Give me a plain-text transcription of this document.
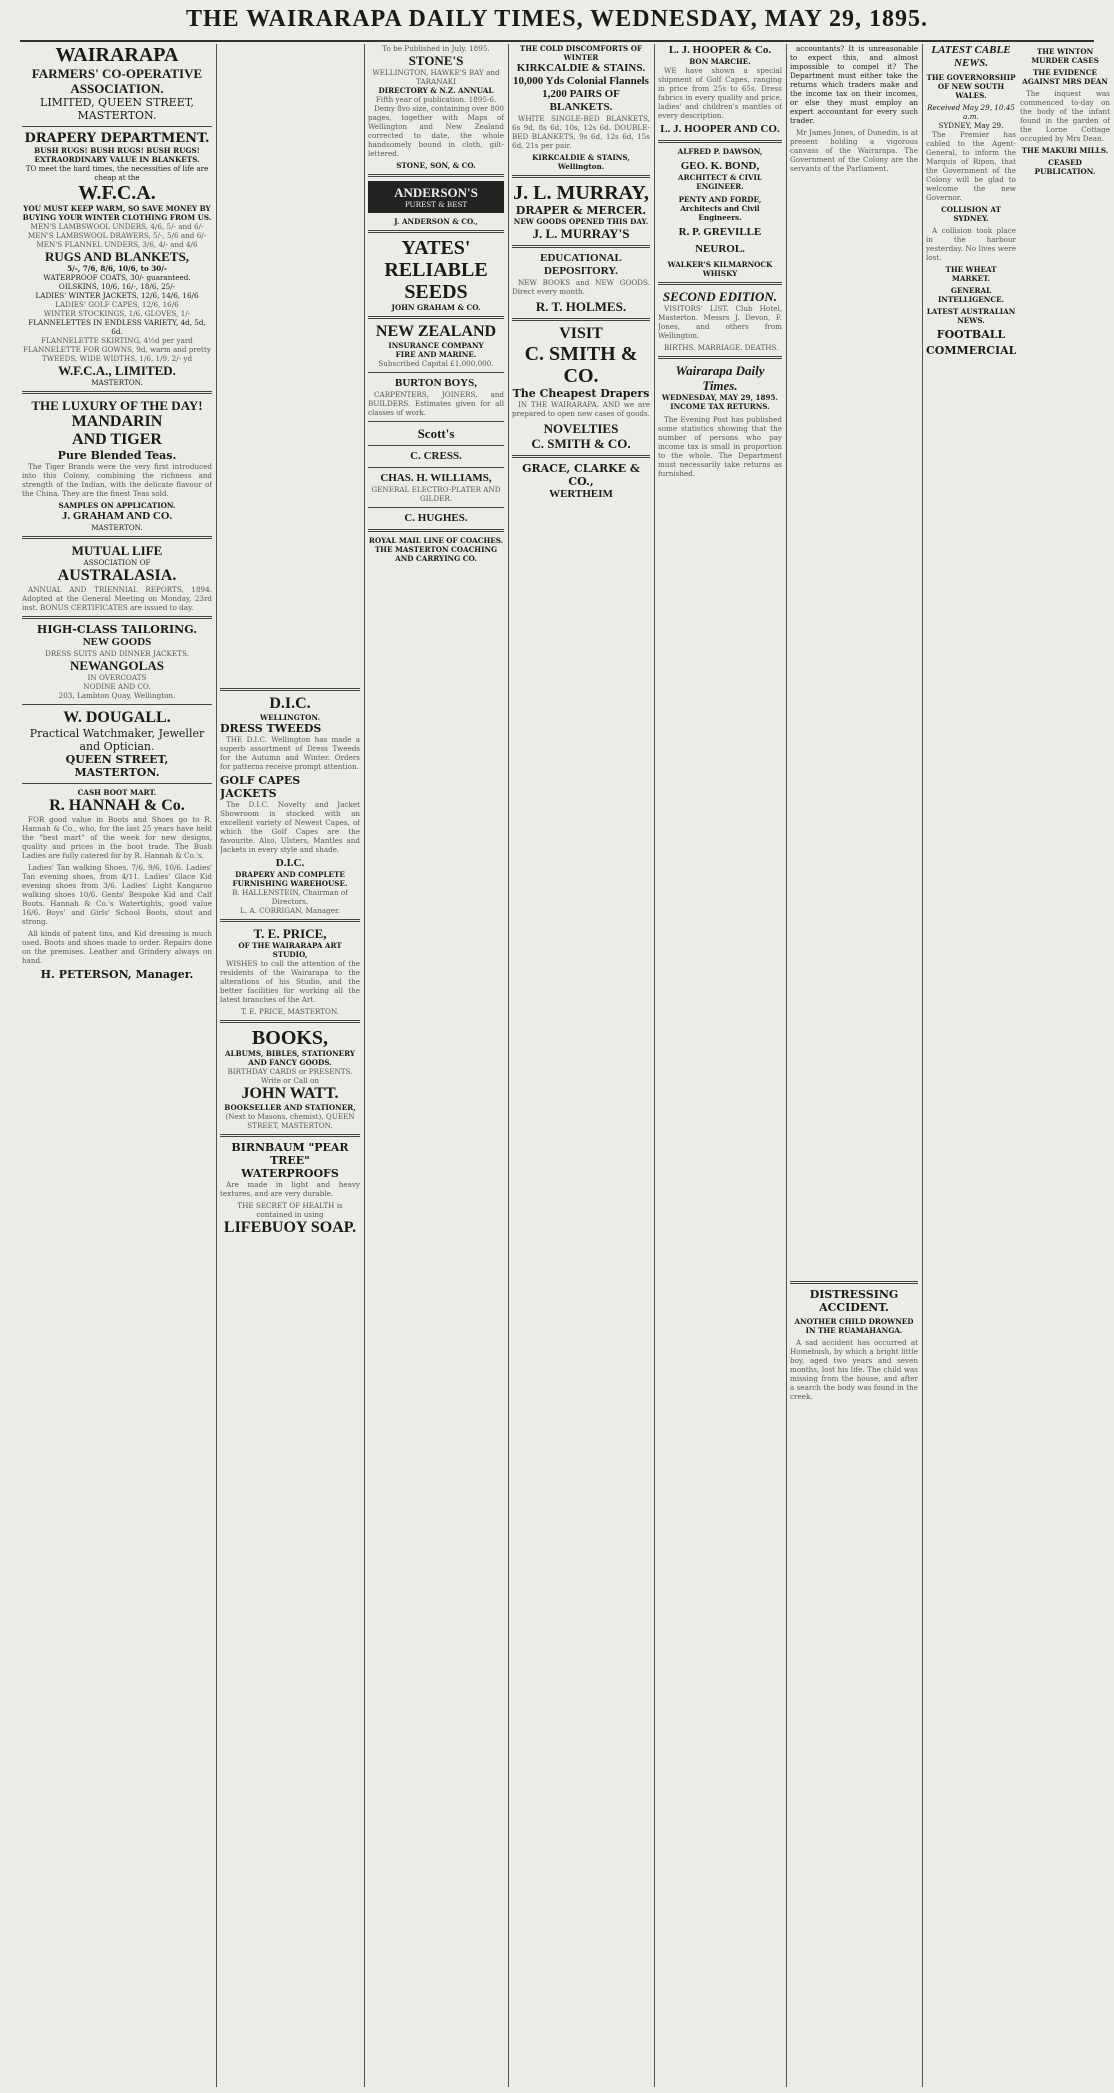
THE WAIRARAPA DAILY TIMES, WEDNESDAY, MAY 29, 1895.
WAIRARAPA
FARMERS' CO-OPERATIVE ASSOCIATION.
LIMITED, QUEEN STREET, MASTERTON.
DRAPERY DEPARTMENT.
BUSH RUGS! BUSH RUGS! BUSH RUGS!
EXTRAORDINARY VALUE IN BLANKETS.
TO meet the hard times, the necessities of life are cheap at the
W.F.C.A.
YOU MUST KEEP WARM, SO SAVE MONEY BY BUYING YOUR WINTER CLOTHING FROM US.
MEN'S LAMBSWOOL UNDERS, 4/6, 5/- and 6/-
MEN'S LAMBSWOOL DRAWERS, 5/-, 5/6 and 6/-
MEN'S FLANNEL UNDERS, 3/6, 4/- and 4/6
RUGS AND BLANKETS,
5/-, 7/6, 8/6, 10/6, to 30/-
WATERPROOF COATS, 30/- guaranteed.
OILSKINS, 10/6, 16/-, 18/6, 25/-
LADIES' WINTER JACKETS, 12/6, 14/6, 16/6
LADIES' GOLF CAPES, 12/6, 16/6
WINTER STOCKINGS, 1/6, GLOVES, 1/-
FLANNELETTES IN ENDLESS VARIETY, 4d, 5d, 6d.
FLANNELETTE SKIRTING, 4½d per yard
FLANNELETTE FOR GOWNS, 9d, warm and pretty
TWEEDS, WIDE WIDTHS, 1/6, 1/9, 2/- yd
W.F.C.A., LIMITED.
MASTERTON.
THE LUXURY OF THE DAY!
MANDARIN
AND TIGER
Pure Blended Teas.

The Tiger Brands were the very first introduced into this Colony, combining the richness and strength of the Indian, with the delicate flavour of the China. They are the finest Teas sold.

SAMPLES ON APPLICATION.
J. GRAHAM AND CO.
MASTERTON.
MUTUAL LIFE
ASSOCIATION OF
AUSTRALASIA.

ANNUAL AND TRIENNIAL REPORTS, 1894. Adopted at the General Meeting on Monday, 23rd inst. BONUS CERTIFICATES are issued to day.

HIGH-CLASS TAILORING.
NEW GOODS
DRESS SUITS AND DINNER JACKETS.
NEWANGOLAS
IN OVERCOATS
NODINE AND CO.
203, Lambton Quay, Wellington.
W. DOUGALL.
Practical Watchmaker, Jeweller and Optician.
QUEEN STREET, MASTERTON.
CASH BOOT MART.
R. HANNAH & Co.

FOR good value in Boots and Shoes go to R. Hannah & Co., who, for the last 25 years have held the "best mart" of the week for new designs, quality and prices in the boot trade. The Bush Ladies are fully catered for by R. Hannah & Co.'s.

Ladies' Tan walking Shoes, 7/6, 9/6, 10/6. Ladies' Tan evening shoes, from 4/11. Ladies' Glace Kid evening shoes from 3/6. Ladies' Light Kangaroo walking shoes 10/6. Gents' Bespoke Kid and Calf Boots. Hannah & Co.'s Watertights, good value 16/6. Boys' and Girls' School Boots, stout and strong.

All kinds of patent tins, and Kid dressing is much used. Boots and shoes made to order. Repairs done on the premises. Leather and Grindery always on hand.

H. PETERSON, Manager.

D.I.C.
WELLINGTON.
DRESS TWEEDS

THE D.I.C. Wellington has made a superb assortment of Dress Tweeds for the Autumn and Winter. Orders for patterns receive prompt attention.

GOLF CAPES JACKETS

The D.I.C. Novelty and Jacket Showroom is stocked with an excellent variety of Newest Capes, of which the Golf Capes are the favourite. Also, Ulsters, Mantles and Jackets in every style and shade.

D.I.C.
DRAPERY AND COMPLETE FURNISHING WAREHOUSE.
B. HALLENSTEIN, Chairman of Directors.
L. A. CORRIGAN, Manager.
T. E. PRICE,
OF THE WAIRARAPA ART STUDIO,

WISHES to call the attention of the residents of the Wairarapa to the alterations of his Studio, and the better facilities for working all the latest branches of the Art.

T. E. PRICE, MASTERTON.
BOOKS,
ALBUMS, BIBLES, STATIONERY AND FANCY GOODS.
BIRTHDAY CARDS or PRESENTS. Write or Call on
JOHN WATT.
BOOKSELLER AND STATIONER,
(Next to Masons, chemist), QUEEN STREET, MASTERTON.
BIRNBAUM "PEAR TREE" WATERPROOFS

Are made in light and heavy textures, and are very durable.

THE SECRET OF HEALTH is contained in using
LIFEBUOY SOAP.
To be Published in July. 1895.
STONE'S
WELLINGTON, HAWKE'S BAY and TARANAKI
DIRECTORY & N.Z. ANNUAL
Fifth year of publication. 1895-6.

Demy 8vo size, containing over 800 pages, together with Maps of Wellington and New Zealand corrected to date, the whole handsomely bound in cloth, gilt-lettered.

STONE, SON, & CO.
ANDERSON'S
PUREST & BEST
J. ANDERSON & CO.,
YATES' RELIABLE SEEDS
JOHN GRAHAM & CO.
NEW ZEALAND
INSURANCE COMPANY
FIRE AND MARINE.
Subscribed Capital £1,000,000.
BURTON BOYS,

CARPENTERS, JOINERS, and BUILDERS. Estimates given for all classes of work.

Scott's
C. CRESS.
CHAS. H. WILLIAMS,
GENERAL ELECTRO-PLATER AND GILDER.
C. HUGHES.
ROYAL MAIL LINE OF COACHES.
THE MASTERTON COACHING AND CARRYING CO.
THE COLD DISCOMFORTS OF WINTER
KIRKCALDIE & STAINS.
10,000 Yds Colonial Flannels
1,200 PAIRS OF BLANKETS.

WHITE SINGLE-BED BLANKETS, 6s 9d, 8s 6d, 10s, 12s 6d. DOUBLE-BED BLANKETS, 9s 6d, 12s 6d, 15s 6d, 21s per pair.

KIRKCALDIE & STAINS, Wellington.
J. L. MURRAY,
DRAPER & MERCER.
NEW GOODS OPENED THIS DAY.
J. L. MURRAY'S
EDUCATIONAL DEPOSITORY.

NEW BOOKS and NEW GOODS. Direct every month.

R. T. HOLMES.
VISIT
C. SMITH & CO.
The Cheapest Drapers

IN THE WAIRARAPA. AND we are prepared to open new cases of goods.

NOVELTIES
C. SMITH & CO.
GRACE, CLARKE & CO.,
WERTHEIM
L. J. HOOPER & Co.
BON MARCHE.

WE have shown a special shipment of Golf Capes, ranging in price from 25s to 65s. Dress fabrics in every quality and price, ladies' and children's mantles of every description.

L. J. HOOPER AND CO.
ALFRED P. DAWSON,
GEO. K. BOND,
ARCHITECT & CIVIL ENGINEER.
PENTY AND FORDE, Architects and Civil Engineers.
R. P. GREVILLE
NEUROL.
WALKER'S KILMARNOCK WHISKY
SECOND EDITION.

VISITORS' LIST. Club Hotel, Masterton. Messrs J. Devon, F. Jones, and others from Wellington.

BIRTHS. MARRIAGE. DEATHS.

Wairarapa Daily Times.
WEDNESDAY, MAY 29, 1895.
INCOME TAX RETURNS.

The Evening Post has published some statistics showing that the number of persons who pay income tax is small in proportion to the whole. The Department must necessarily take returns as furnished.

accountants? It is unreasonable to expect this, and almost impossible to compel it? The Department must either take the returns which traders make and the income tax on their incomes, or else they must employ an expert accountant for every such trader.

Mr James Jones, of Dunedin, is at present holding a vigorous canvass of the Wairarapa. The Government of the Colony are the servants of the Parliament.

DISTRESSING ACCIDENT.
ANOTHER CHILD DROWNED IN THE RUAMAHANGA.

A sad accident has occurred at Homebush, by which a bright little boy, aged two years and seven months, lost his life. The child was missing from the house, and after a search the body was found in the creek.

LATEST CABLE NEWS.
THE GOVERNORSHIP OF NEW SOUTH WALES.
Received May 29, 10.45 a.m.
SYDNEY, May 29.

The Premier has cabled to the Agent-General, to inform the Marquis of Ripon, that the Government of the Colony will be glad to welcome the new Governor.

COLLISION AT SYDNEY.

A collision took place in the harbour yesterday. No lives were lost.

THE WHEAT MARKET.
GENERAL INTELLIGENCE.
LATEST AUSTRALIAN NEWS.
FOOTBALL
COMMERCIAL
THE WINTON MURDER CASES
THE EVIDENCE AGAINST MRS DEAN

The inquest was commenced to-day on the body of the infant found in the garden of the Lorne Cottage occupied by Mrs Dean.

THE MAKURI MILLS.
CEASED PUBLICATION.
